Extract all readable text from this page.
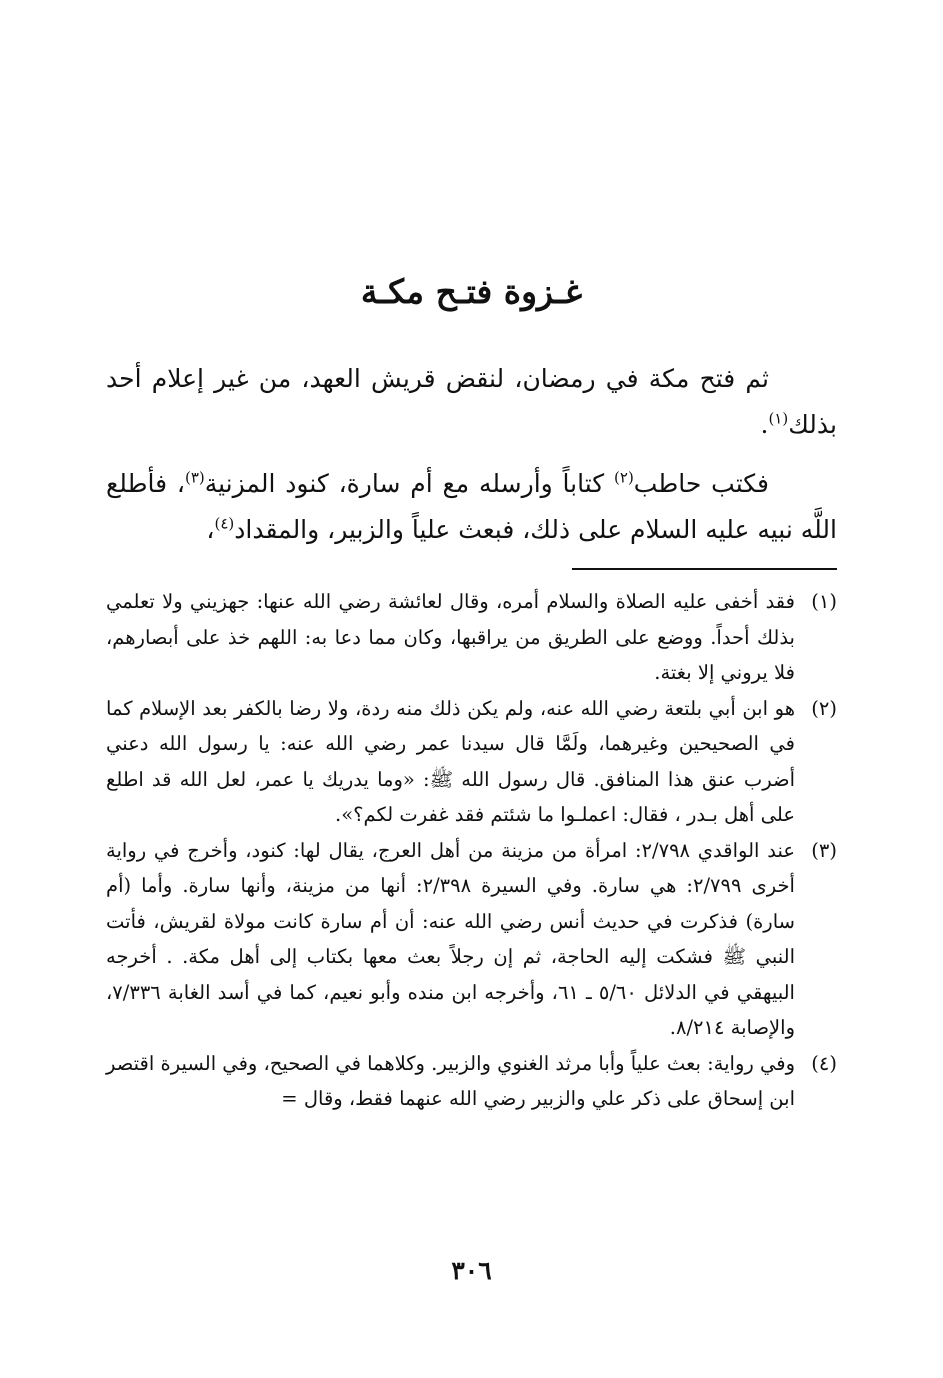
غـزوة فتـح مكـة

ثم فتح مكة في رمضان، لنقض قريش العهد، من غير إعلام أحد بذلك$^{(١)}$.

فكتب حاطب$^{(٢)}$ كتاباً وأرسله مع أم سارة، كنود المزنية$^{(٣)}$، فأطلع اللَّه نبيه عليه السلام على ذلك، فبعث علياً والزبير، والمقداد$^{(٤)}$،

(١)
فقد أخفى عليه الصلاة والسلام أمره، وقال لعائشة رضي الله عنها: جهزيني ولا تعلمي بذلك أحداً. ووضع على الطريق من يراقبها، وكان مما دعا به: اللهم خذ على أبصارهم، فلا يروني إلا بغتة.
(٢)
هو ابن أبي بلتعة رضي الله عنه، ولم يكن ذلك منه ردة، ولا رضا بالكفر بعد الإسلام كما في الصحيحين وغيرهما، ولَمَّا قال سيدنا عمر رضي الله عنه: يا رسول الله دعني أضرب عنق هذا المنافق. قال رسول الله ﷺ: «وما يدريك يا عمر، لعل الله قد اطلع على أهل بـدر ، فقال: اعملـوا ما شئتم فقد غفرت لكم؟».
(٣)
عند الواقدي ٢/٧٩٨: امرأة من مزينة من أهل العرج، يقال لها: كنود، وأخرج في رواية أخرى ٢/٧٩٩: هي سارة. وفي السيرة ٢/٣٩٨: أنها من مزينة، وأنها سارة. وأما (أم سارة) فذكرت في حديث أنس رضي الله عنه: أن أم سارة كانت مولاة لقريش، فأتت النبي ﷺ فشكت إليه الحاجة، ثم إن رجلاً بعث معها بكتاب إلى أهل مكة. . أخرجه البيهقي في الدلائل ٥/٦٠ ـ ٦١، وأخرجه ابن منده وأبو نعيم، كما في أسد الغابة ٧/٣٣٦، والإصابة ٨/٢١٤.
(٤)
وفي رواية: بعث علياً وأبا مرثد الغنوي والزبير. وكلاهما في الصحيح، وفي السيرة اقتصر ابن إسحاق على ذكر علي والزبير رضي الله عنهما فقط، وقال =
٣٠٦
